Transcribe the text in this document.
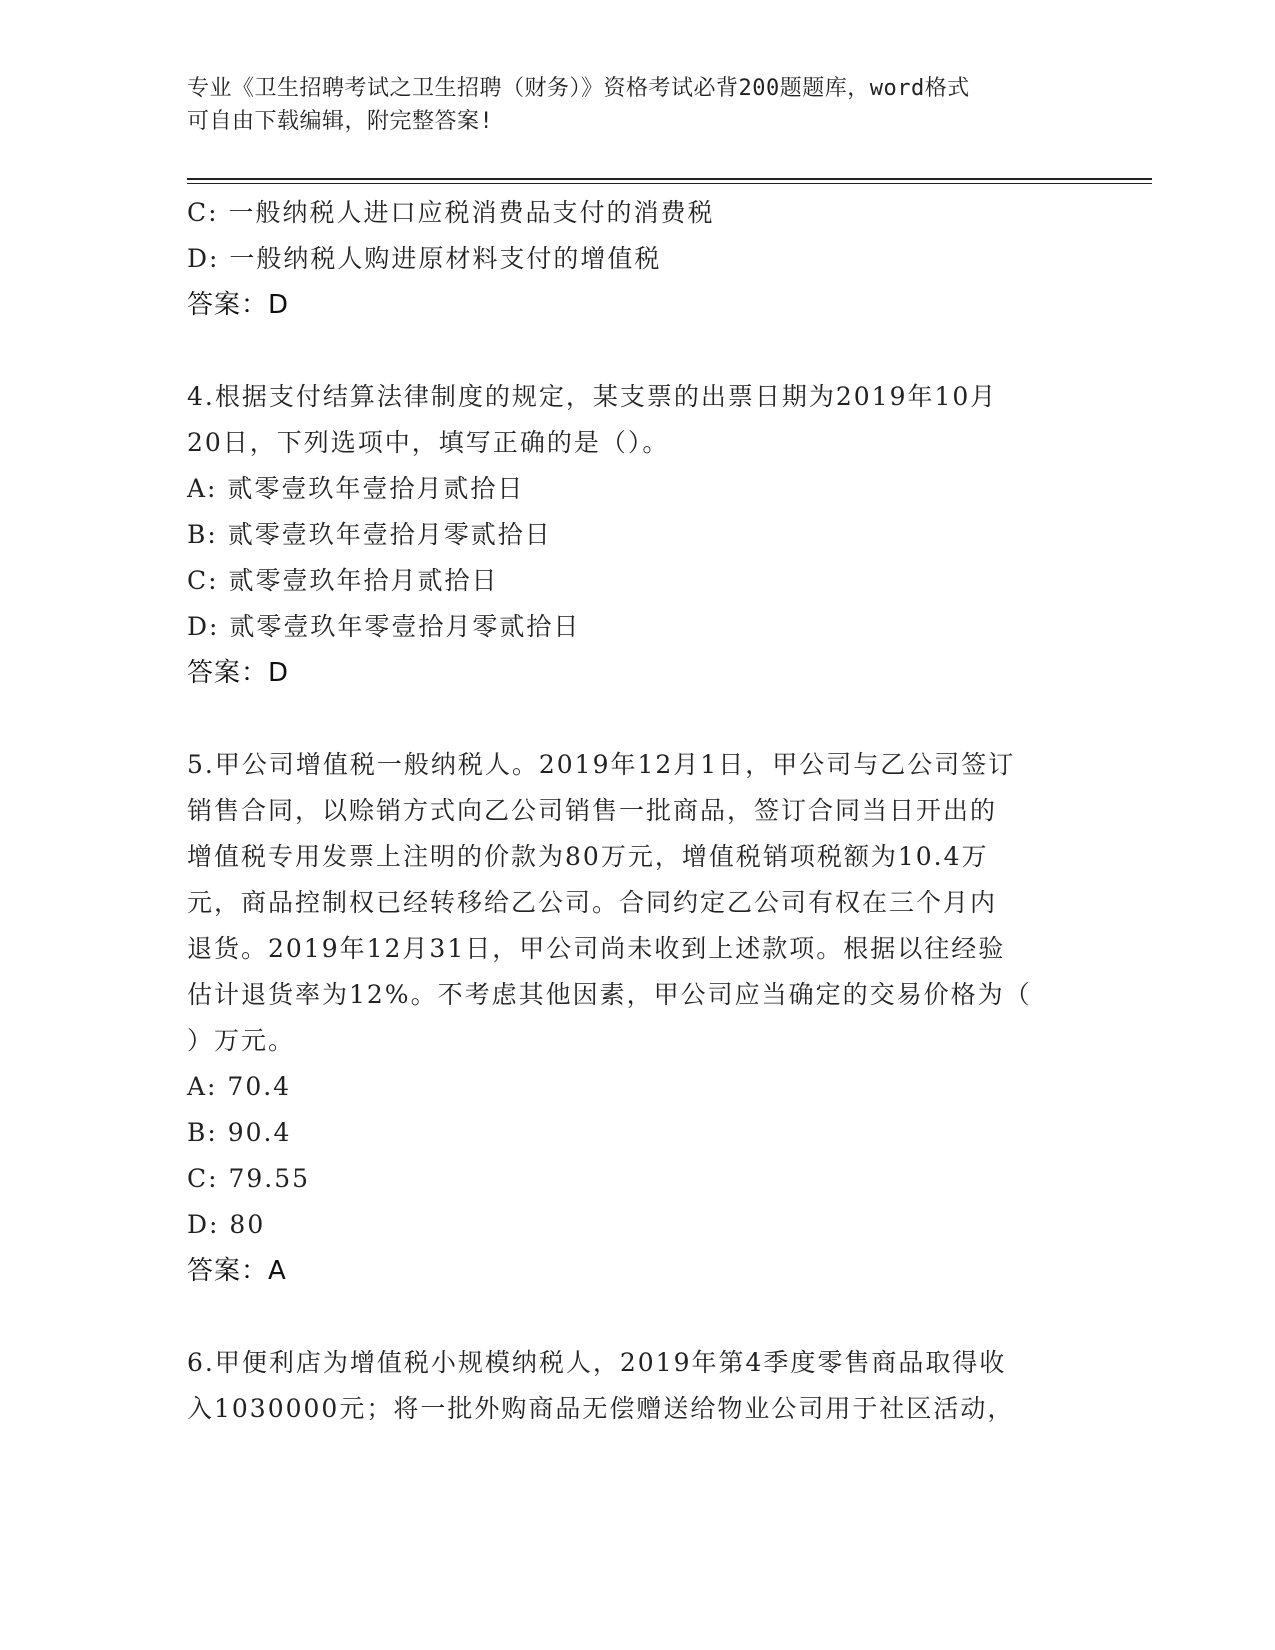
专业《卫生招聘考试之卫生招聘（财务）》资格考试必背200题题库，word格式
可自由下载编辑，附完整答案!
C: 一般纳税人进口应税消费品支付的消费税
D: 一般纳税人购进原材料支付的增值税
答案：D
4.根据支付结算法律制度的规定，某支票的出票日期为2019年10月
20日，下列选项中，填写正确的是（）。
A: 贰零壹玖年壹拾月贰拾日
B: 贰零壹玖年壹拾月零贰拾日
C: 贰零壹玖年拾月贰拾日
D: 贰零壹玖年零壹拾月零贰拾日
答案：D
5.甲公司增值税一般纳税人。2019年12月1日，甲公司与乙公司签订
销售合同，以赊销方式向乙公司销售一批商品，签订合同当日开出的
增值税专用发票上注明的价款为80万元，增值税销项税额为10.4万
元，商品控制权已经转移给乙公司。合同约定乙公司有权在三个月内
退货。2019年12月31日，甲公司尚未收到上述款项。根据以往经验
估计退货率为12%。不考虑其他因素，甲公司应当确定的交易价格为（
）万元。
A: 70.4
B: 90.4
C: 79.55
D: 80
答案：A
6.甲便利店为增值税小规模纳税人，2019年第4季度零售商品取得收
入1030000元；将一批外购商品无偿赠送给物业公司用于社区活动，
